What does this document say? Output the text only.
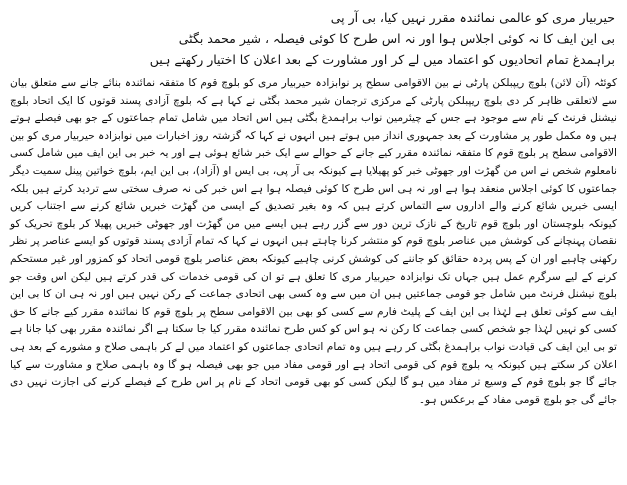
حیربیار مری کو عالمی نمائندہ مقرر نہیں کیا، بی آر پی
بی این ایف کا نہ کوئی اجلاس ہوا اور نہ اس طرح کا کوئی فیصلہ ، شیر محمد بگٹی
براہمدغ تمام اتحادیوں کو اعتماد میں لے کر اور مشاورت کے بعد اعلان کا اختیار رکھتے ہیں

کوئٹہ (آن لائن) بلوچ ریپبلکن پارٹی نے بین الاقوامی سطح پر نوابزادہ حیربیار مری کو بلوچ قوم کا متفقہ نمائندہ بنائے جانے سے متعلق بیان سے لاتعلقی ظاہر کر دی بلوچ ریپبلکن پارٹی کے مرکزی ترجمان شیر محمد بگٹی نے کہا ہے کہ بلوچ آزادی پسند قوتوں کا ایک اتحاد بلوچ نیشنل فرنٹ کے نام سے موجود ہے جس کے چیئرمین نواب براہمدغ بگٹی ہیں اس اتحاد میں شامل تمام جماعتوں کے جو بھی فیصلے ہوتے ہیں وہ مکمل طور پر مشاورت کے بعد جمہوری انداز میں ہوتے ہیں انہوں نے کہا کہ گزشتہ روز اخبارات میں نوابزادہ حیربیار مری کو بین الاقوامی سطح پر بلوچ قوم کا متفقہ نمائندہ مقرر کیے جانے کے حوالے سے ایک خبر شائع ہوئی ہے اور یہ خبر بی این ایف میں شامل کسی نامعلوم شخص نے اس من گھڑت اور جھوٹی خبر کو پھیلایا ہے کیونکہ بی آر پی، بی ایس او (آزاد)، بی این ایم، بلوچ خواتین پینل سمیت دیگر جماعتوں کا کوئی اجلاس منعقد ہوا ہے اور نہ ہی اس طرح کا کوئی فیصلہ ہوا ہے اس خبر کی نہ صرف سختی سے تردید کرتے ہیں بلکہ ایسی خبریں شائع کرنے والے اداروں سے التماس کرتے ہیں کہ وہ بغیر تصدیق کے ایسی من گھڑت خبریں شائع کرنے سے اجتناب کریں کیونکہ بلوچستان اور بلوچ قوم تاریخ کے نازک ترین دور سے گزر رہے ہیں ایسے میں من گھڑت اور جھوٹی خبریں پھیلا کر بلوچ تحریک کو نقصان پہنچانے کی کوشش میں عناصر بلوچ قوم کو منتشر کرنا چاہتے ہیں انہوں نے کہا کہ تمام آزادی پسند قوتوں کو ایسے عناصر پر نظر رکھنی چاہیے اور ان کے پس پردہ حقائق کو جاننے کی کوشش کرنی چاہیے کیونکہ بعض عناصر بلوچ قومی اتحاد کو کمزور اور غیر مستحکم کرنے کے لیے سرگرم عمل ہیں جہاں تک نوابزادہ حیربیار مری کا تعلق ہے تو ان کی قومی خدمات کی قدر کرتے ہیں لیکن اس وقت جو بلوچ نیشنل فرنٹ میں شامل جو قومی جماعتیں ہیں ان میں سے وہ کسی بھی اتحادی جماعت کے رکن نہیں ہیں اور نہ ہی ان کا بی این ایف سے کوئی تعلق ہے لہٰذا بی این ایف کے پلیٹ فارم سے کسی کو بھی بین الاقوامی سطح پر بلوچ قوم کا نمائندہ مقرر کیے جانے کا حق کسی کو نہیں لہٰذا جو شخص کسی جماعت کا رکن نہ ہو اس کو کس طرح نمائندہ مقرر کیا جا سکتا ہے اگر نمائندہ مقرر بھی کیا جانا ہے تو بی این ایف کی قیادت نواب براہمدغ بگٹی کر رہے ہیں وہ تمام اتحادی جماعتوں کو اعتماد میں لے کر باہمی صلاح و مشورے کے بعد ہی اعلان کر سکتے ہیں کیونکہ یہ بلوچ قوم کی قومی اتحاد ہے اور قومی مفاد میں جو بھی فیصلہ ہو گا وہ باہمی صلاح و مشاورت سے کیا جائے گا جو بلوچ قوم کے وسیع تر مفاد میں ہو گا لیکن کسی کو بھی قومی اتحاد کے نام پر اس طرح کے فیصلے کرنے کی اجازت نہیں دی جائے گی جو بلوچ قومی مفاد کے برعکس ہو۔
